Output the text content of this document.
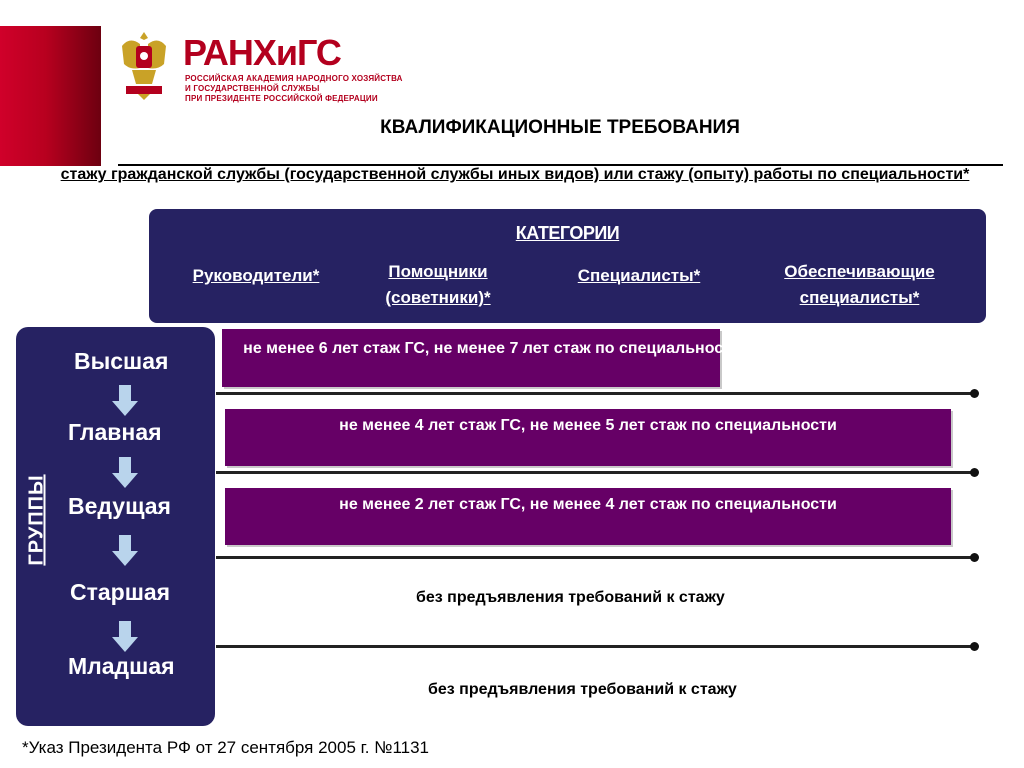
РАНХиГС
РОССИЙСКАЯ АКАДЕМИЯ НАРОДНОГО ХОЗЯЙСТВА
И ГОСУДАРСТВЕННОЙ СЛУЖБЫ
ПРИ ПРЕЗИДЕНТЕ РОССИЙСКОЙ ФЕДЕРАЦИИ
КВАЛИФИКАЦИОННЫЕ ТРЕБОВАНИЯ
стажу гражданской службы (государственной службы иных видов) или стажу (опыту) работы по специальности*
КАТЕГОРИИ
Руководители*	Помощники (советники)*
Специалисты*	Обеспечивающие специалисты*
ГРУППЫ
Высшая
Главная
Ведущая
Старшая
Младшая
не менее 6 лет стаж ГС, не менее 7 лет стаж по специальности
не менее 4 лет стаж ГС, не менее 5 лет стаж по специальности
не менее 2 лет стаж ГС, не менее 4 лет стаж по специальности
без предъявления требований к стажу
без предъявления требований к стажу
*Указ Президента РФ от 27 сентября 2005 г. №1131
